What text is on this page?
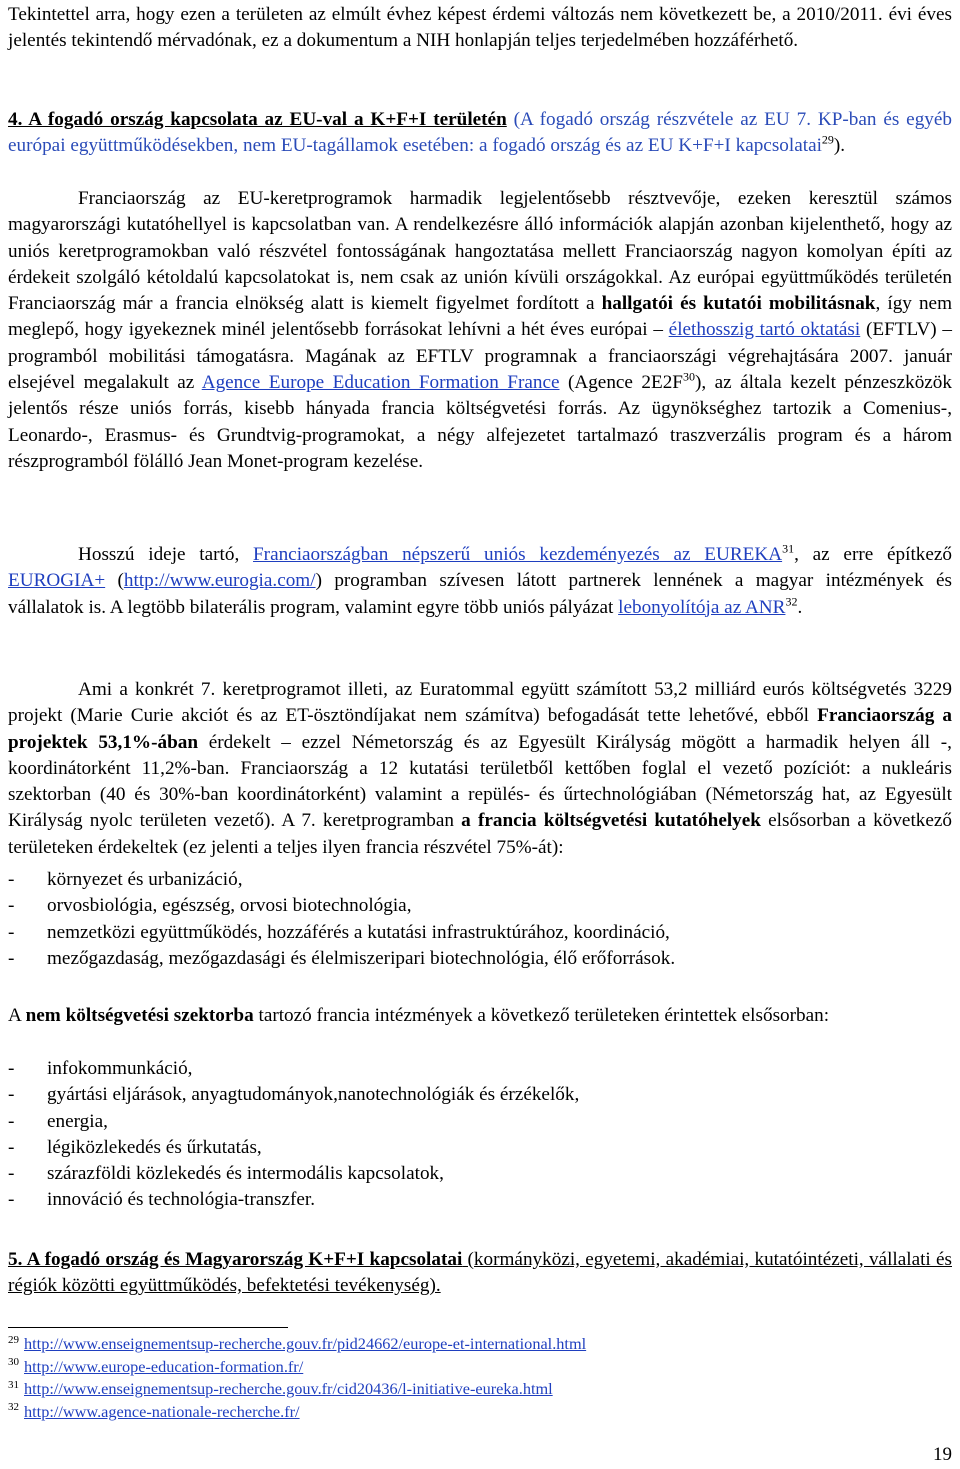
Tekintettel arra, hogy ezen a területen az elmúlt évhez képest érdemi változás nem következett be, a 2010/2011. évi éves jelentés tekintendő mérvadónak, ez a dokumentum a NIH honlapján teljes terjedelmében hozzáférhető.

4. A fogadó ország kapcsolata az EU-val a K+F+I területén (A fogadó ország részvétele az EU 7. KP-ban és egyéb európai együttműködésekben, nem EU-tagállamok esetében: a fogadó ország és az EU K+F+I kapcsolatai$^{29}$).

Franciaország az EU-keretprogramok harmadik legjelentősebb résztvevője, ezeken keresztül számos magyarországi kutatóhellyel is kapcsolatban van. A rendelkezésre álló információk alapján azonban kijelenthető, hogy az uniós keretprogramokban való részvétel fontosságának hangoztatása mellett Franciaország nagyon komolyan építi az érdekeit szolgáló kétoldalú kapcsolatokat is, nem csak az unión kívüli országokkal. Az európai együttműködés területén Franciaország már a francia elnökség alatt is kiemelt figyelmet fordított a hallgatói és kutatói mobilitásnak, így nem meglepő, hogy igyekeznek minél jelentősebb forrásokat lehívni a hét éves európai – élethosszig tartó oktatási (EFTLV) – programból mobilitási támogatásra. Magának az EFTLV programnak a franciaországi végrehajtására 2007. január elsejével megalakult az Agence Europe Education Formation France (Agence $2E2F^{30}$), az általa kezelt pénzeszközök jelentős része uniós forrás, kisebb hányada francia költségvetési forrás. Az ügynökséghez tartozik a Comenius-, Leonardo-, Erasmus- és Grundtvig-programokat, a négy alfejezetet tartalmazó traszverzális program és a három részprogramból fölálló Jean Monet-program kezelése.

Hosszú ideje tartó, Franciaországban népszerű uniós kezdeményezés az EUREKA$^{31}$, az erre építkező EUROGIA+ (http://www.eurogia.com/) programban szívesen látott partnerek lennének a magyar intézmények és vállalatok is. A legtöbb bilaterális program, valamint egyre több uniós pályázat lebonyolítója az ANR$^{32}$.

Ami a konkrét 7. keretprogramot illeti, az Euratommal együtt számított 53,2 milliárd eurós költségvetés 3229 projekt (Marie Curie akciót és az ET-ösztöndíjakat nem számítva) befogadását tette lehetővé, ebből Franciaország a projektek 53,1%-ában érdekelt – ezzel Németország és az Egyesült Királyság mögött a harmadik helyen áll -, koordinátorként 11,2%-ban. Franciaország a 12 kutatási területből kettőben foglal el vezető pozíciót: a nukleáris szektorban (40 és 30%-ban koordinátorként) valamint a repülés- és űrtechnológiában (Németország hat, az Egyesült Királyság nyolc területen vezető). A 7. keretprogramban a francia költségvetési kutatóhelyek elsősorban a következő területeken érdekeltek (ez jelenti a teljes ilyen francia részvétel 75%-át):

-	környezet és urbanizáció,
-	orvosbiológia, egészség, orvosi biotechnológia,
-	nemzetközi együttműködés, hozzáférés a kutatási infrastruktúrához, koordináció,
-	mezőgazdaság, mezőgazdasági és élelmiszeripari biotechnológia, élő erőforrások.

A nem költségvetési szektorba tartozó francia intézmények a következő területeken érintettek elsősorban:

-	infokommunkáció,
-	gyártási eljárások, anyagtudományok,nanotechnológiák és érzékelők,
-	energia,
-	légiközlekedés és űrkutatás,
-	szárazföldi közlekedés és intermodális kapcsolatok,
-	innováció és technológia-transzfer.

5. A fogadó ország és Magyarország K+F+I kapcsolatai (kormányközi, egyetemi, akadémiai, kutatóintézeti, vállalati és régiók közötti együttműködés, befektetési tevékenység).

29 http://www.enseignementsup-recherche.gouv.fr/pid24662/europe-et-international.html
30 http://www.europe-education-formation.fr/
31 http://www.enseignementsup-recherche.gouv.fr/cid20436/l-initiative-eureka.html
32 http://www.agence-nationale-recherche.fr/
19
